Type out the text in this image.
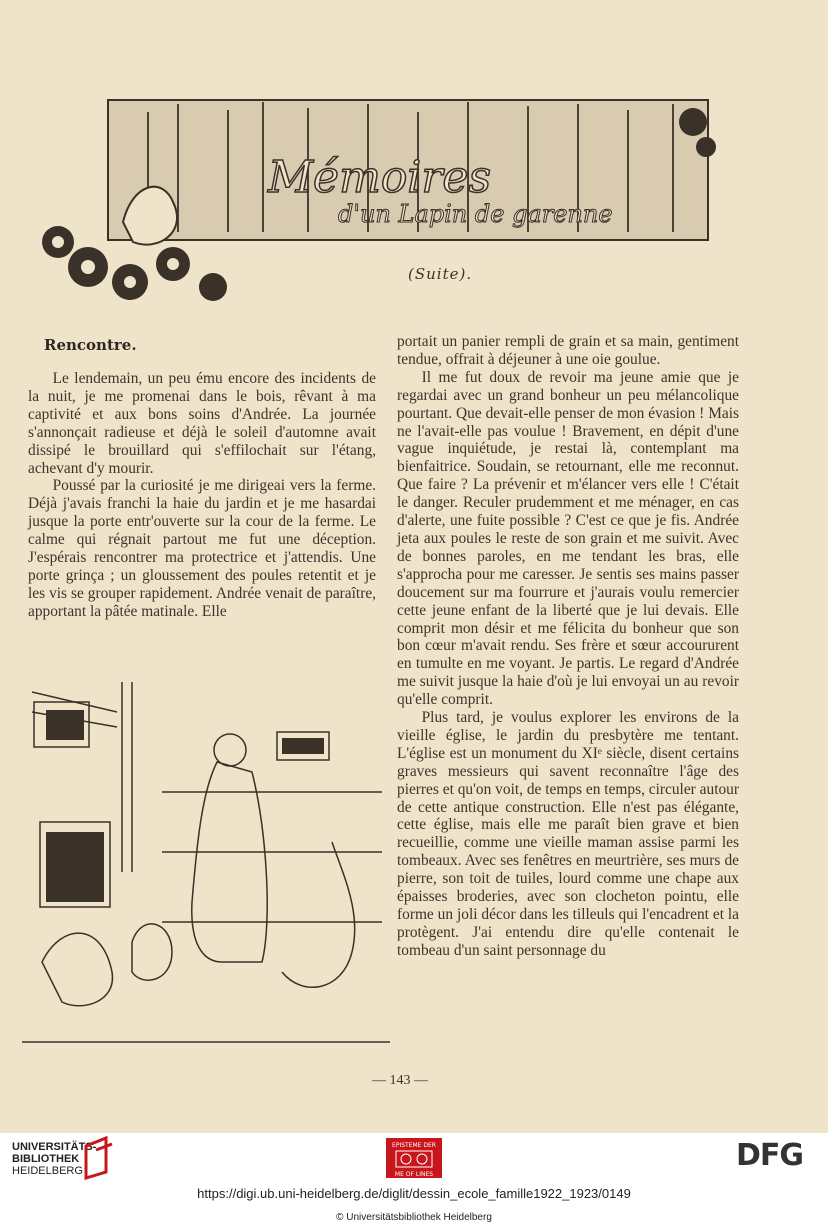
Mémoires
d'un Lapin de garenne
(Suite).
Rencontre.

Le lendemain, un peu ému encore des incidents de la nuit, je me promenai dans le bois, rêvant à ma captivité et aux bons soins d'Andrée. La journée s'annonçait radieuse et déjà le soleil d'automne avait dissipé le brouillard qui s'effilochait sur l'étang, achevant d'y mourir.

Poussé par la curiosité je me dirigeai vers la ferme. Déjà j'avais franchi la haie du jardin et je me hasardai jusque la porte entr'ouverte sur la cour de la ferme. Le calme qui régnait partout me fut une déception. J'espérais rencontrer ma protectrice et j'attendis. Une porte grinça ; un gloussement des poules retentit et je les vis se grouper rapidement. Andrée venait de paraître, apportant la pâtée matinale. Elle

portait un panier rempli de grain et sa main, gentiment tendue, offrait à déjeuner à une oie goulue.

Il me fut doux de revoir ma jeune amie que je regardai avec un grand bonheur un peu mélancolique pourtant. Que devait-elle penser de mon évasion ! Mais ne l'avait-elle pas voulue ! Bravement, en dépit d'une vague inquiétude, je restai là, contemplant ma bienfaitrice. Soudain, se retournant, elle me reconnut. Que faire ? La prévenir et m'élancer vers elle ! C'était le danger. Reculer prudemment et me ménager, en cas d'alerte, une fuite possible ? C'est ce que je fis. Andrée jeta aux poules le reste de son grain et me suivit. Avec de bonnes paroles, en me tendant les bras, elle s'approcha pour me caresser. Je sentis ses mains passer doucement sur ma fourrure et j'aurais voulu remercier cette jeune enfant de la liberté que je lui devais. Elle comprit mon désir et me félicita du bonheur que son bon cœur m'avait rendu. Ses frère et sœur accoururent en tumulte en me voyant. Je partis. Le regard d'Andrée me suivit jusque la haie d'où je lui envoyai un au revoir qu'elle comprit.

Plus tard, je voulus explorer les environs de la vieille église, le jardin du presbytère me tentant. L'église est un monument du XIᵉ siècle, disent certains graves messieurs qui savent reconnaître l'âge des pierres et qu'on voit, de temps en temps, circuler autour de cette antique construction. Elle n'est pas élégante, cette église, mais elle me paraît bien grave et bien recueillie, comme une vieille maman assise parmi les tombeaux. Avec ses fenêtres en meurtrière, ses murs de pierre, son toit de tuiles, lourd comme une chape aux épaisses broderies, avec son clocheton pointu, elle forme un joli décor dans les tilleuls qui l'encadrent et la protègent. J'ai entendu dire qu'elle contenait le tombeau d'un saint personnage du

— 143 —
UNIVERSITÄTS-
BIBLIOTHEK
HEIDELBERG
EPISTEME DER
ME OF LINES
DFG
https://digi.ub.uni-heidelberg.de/diglit/dessin_ecole_famille1922_1923/0149
© Universitätsbibliothek Heidelberg
